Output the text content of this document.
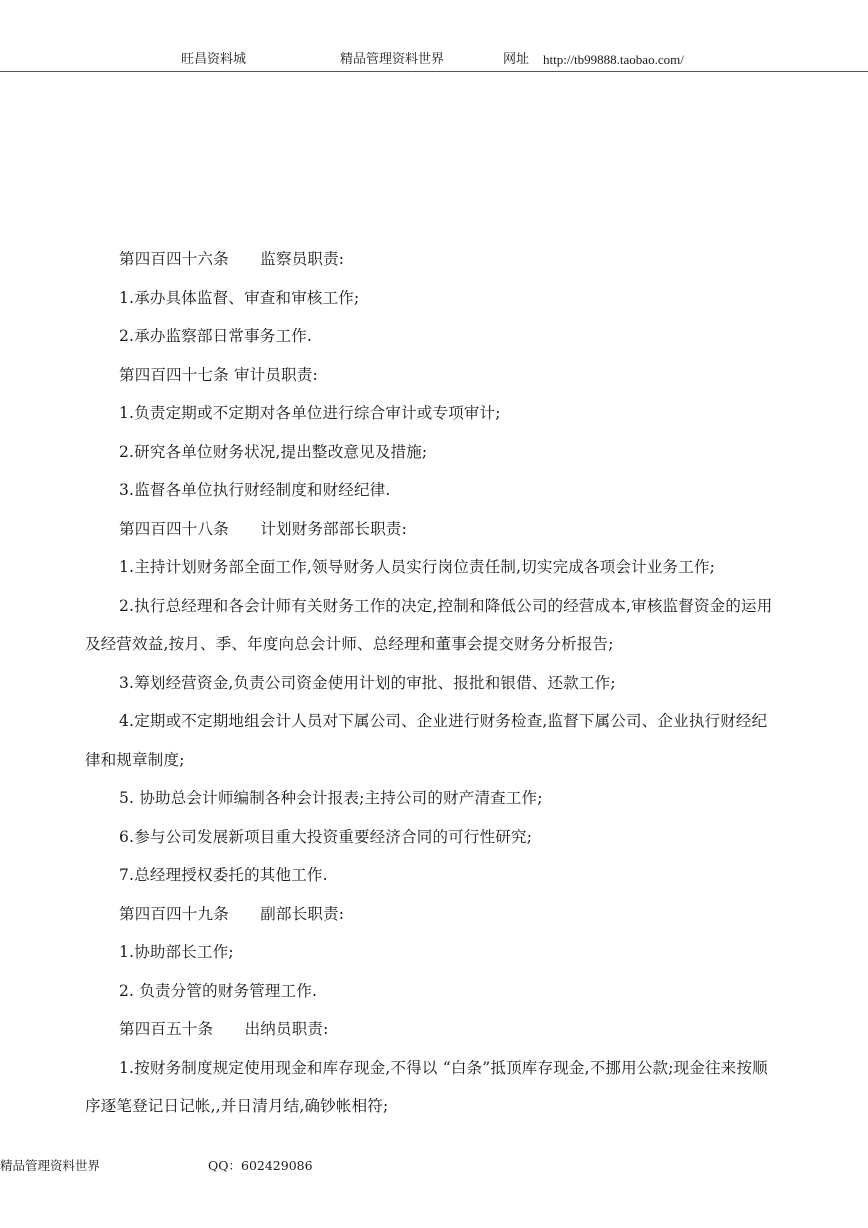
旺昌资料城	精品管理资料世界	网址 http://tb99888.taobao.com/

第四百四十六条　　监察员职责:

1.承办具体监督、审查和审核工作;

2.承办监察部日常事务工作.

第四百四十七条 审计员职责:

1.负责定期或不定期对各单位进行综合审计或专项审计;

2.研究各单位财务状况,提出整改意见及措施;

3.监督各单位执行财经制度和财经纪律.

第四百四十八条　　计划财务部部长职责:

1.主持计划财务部全面工作,领导财务人员实行岗位责任制,切实完成各项会计业务工作;

2.执行总经理和各会计师有关财务工作的决定,控制和降低公司的经营成本,审核监督资金的运用及经营效益,按月、季、年度向总会计师、总经理和董事会提交财务分析报告;

3.筹划经营资金,负责公司资金使用计划的审批、报批和银借、还款工作;

4.定期或不定期地组会计人员对下属公司、企业进行财务检查,监督下属公司、企业执行财经纪律和规章制度;

5. 协助总会计师编制各种会计报表;主持公司的财产清查工作;

6.参与公司发展新项目重大投资重要经济合同的可行性研究;

7.总经理授权委托的其他工作.

第四百四十九条　　副部长职责:

1.协助部长工作;

2. 负责分管的财务管理工作.

第四百五十条　　出纳员职责:

1.按财务制度规定使用现金和库存现金,不得以 “白条”抵顶库存现金,不挪用公款;现金往来按顺序逐笔登记日记帐,,并日清月结,确钞帐相符;

精品管理资料世界	QQ：602429086
